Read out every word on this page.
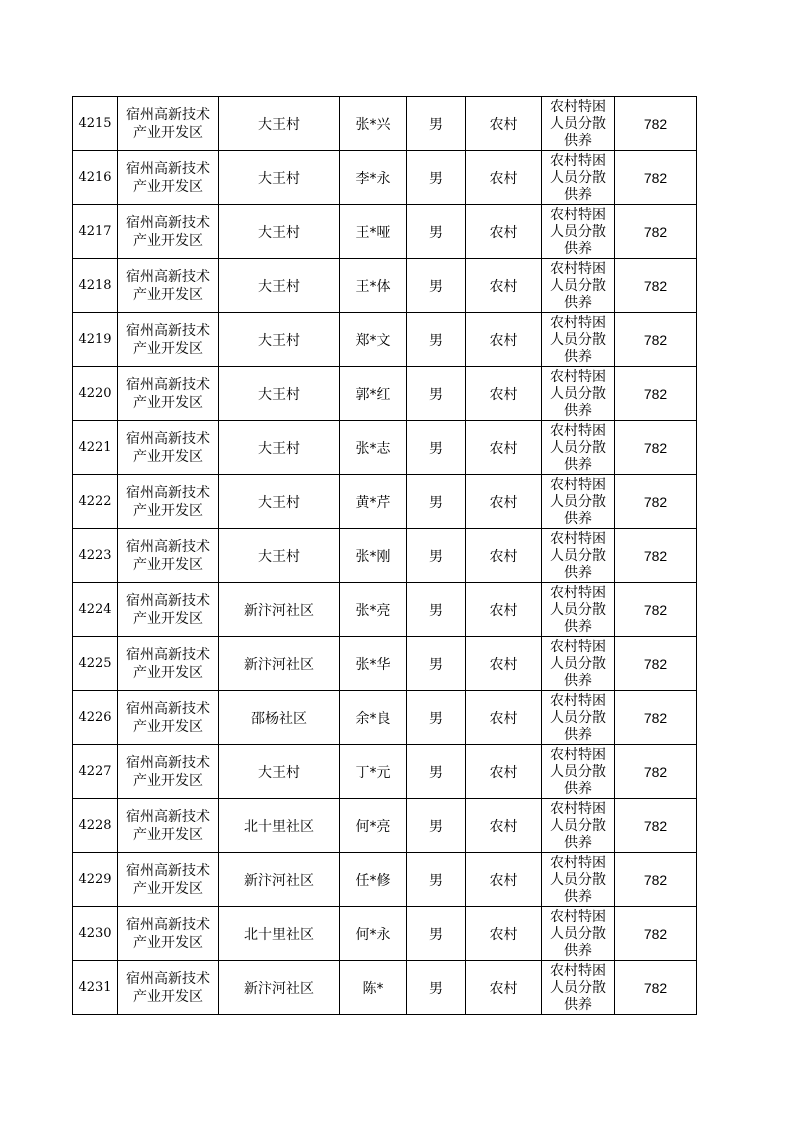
4215	宿州高新技术
产业开发区	大王村	张*兴	男	农村	农村特困
人员分散
供养	782
4216	宿州高新技术
产业开发区	大王村	李*永	男	农村	农村特困
人员分散
供养	782
4217	宿州高新技术
产业开发区	大王村	王*哑	男	农村	农村特困
人员分散
供养	782
4218	宿州高新技术
产业开发区	大王村	王*体	男	农村	农村特困
人员分散
供养	782
4219	宿州高新技术
产业开发区	大王村	郑*文	男	农村	农村特困
人员分散
供养	782
4220	宿州高新技术
产业开发区	大王村	郭*红	男	农村	农村特困
人员分散
供养	782
4221	宿州高新技术
产业开发区	大王村	张*志	男	农村	农村特困
人员分散
供养	782
4222	宿州高新技术
产业开发区	大王村	黄*芹	男	农村	农村特困
人员分散
供养	782
4223	宿州高新技术
产业开发区	大王村	张*刚	男	农村	农村特困
人员分散
供养	782
4224	宿州高新技术
产业开发区	新汴河社区	张*亮	男	农村	农村特困
人员分散
供养	782
4225	宿州高新技术
产业开发区	新汴河社区	张*华	男	农村	农村特困
人员分散
供养	782
4226	宿州高新技术
产业开发区	邵杨社区	余*良	男	农村	农村特困
人员分散
供养	782
4227	宿州高新技术
产业开发区	大王村	丁*元	男	农村	农村特困
人员分散
供养	782
4228	宿州高新技术
产业开发区	北十里社区	何*亮	男	农村	农村特困
人员分散
供养	782
4229	宿州高新技术
产业开发区	新汴河社区	任*修	男	农村	农村特困
人员分散
供养	782
4230	宿州高新技术
产业开发区	北十里社区	何*永	男	农村	农村特困
人员分散
供养	782
4231	宿州高新技术
产业开发区	新汴河社区	陈*	男	农村	农村特困
人员分散
供养	782
